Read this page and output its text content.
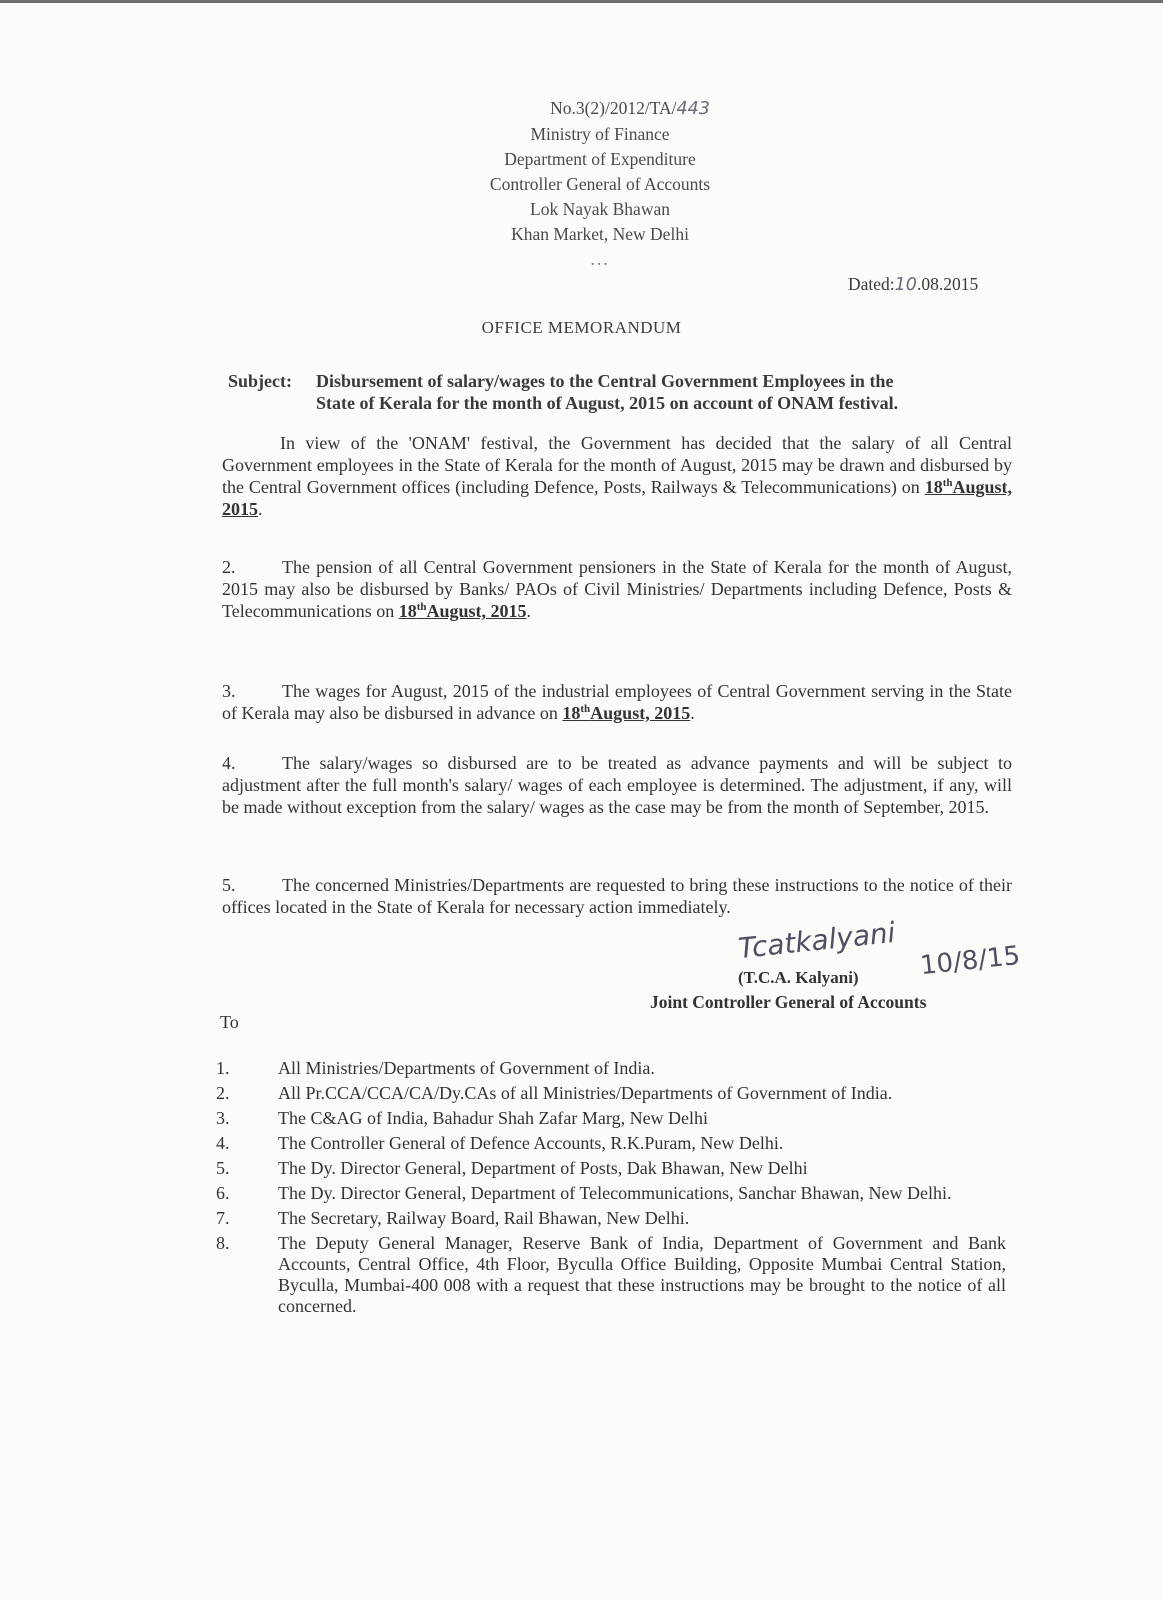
No.3(2)/2012/TA/443
Ministry of Finance
Department of Expenditure
Controller General of Accounts
Lok Nayak Bhawan
Khan Market, New Delhi
...
Dated:10.08.2015
OFFICE MEMORANDUM
Subject: Disbursement of salary/wages to the Central Government Employees in the
State of Kerala for the month of August, 2015 on account of ONAM festival.
In view of the 'ONAM' festival, the Government has decided that the salary of all Central Government employees in the State of Kerala for the month of August, 2015 may be drawn and disbursed by the Central Government offices (including Defence, Posts, Railways & Telecommunications) on 18thAugust, 2015.
2.	The pension of all Central Government pensioners in the State of Kerala for the month of August, 2015 may also be disbursed by Banks/ PAOs of Civil Ministries/ Departments including Defence, Posts & Telecommunications on 18thAugust, 2015.
3.	The wages for August, 2015 of the industrial employees of Central Government serving in the State of Kerala may also be disbursed in advance on 18thAugust, 2015.
4.	The salary/wages so disbursed are to be treated as advance payments and will be subject to adjustment after the full month's salary/ wages of each employee is determined. The adjustment, if any, will be made without exception from the salary/ wages as the case may be from the month of September, 2015.
5.	The concerned Ministries/Departments are requested to bring these instructions to the notice of their offices located in the State of Kerala for necessary action immediately.
Tcatkalyani 10/8/15
(T.C.A. Kalyani)
Joint Controller General of Accounts
To
1.	All Ministries/Departments of Government of India.
2.	All Pr.CCA/CCA/CA/Dy.CAs of all Ministries/Departments of Government of India.
3.	The C&AG of India, Bahadur Shah Zafar Marg, New Delhi
4.	The Controller General of Defence Accounts, R.K.Puram, New Delhi.
5.	The Dy. Director General, Department of Posts, Dak Bhawan, New Delhi
6.	The Dy. Director General, Department of Telecommunications, Sanchar Bhawan, New Delhi.
7.	The Secretary, Railway Board, Rail Bhawan, New Delhi.
8.	The Deputy General Manager, Reserve Bank of India, Department of Government and Bank Accounts, Central Office, 4th Floor, Byculla Office Building, Opposite Mumbai Central Station, Byculla, Mumbai-400 008 with a request that these instructions may be brought to the notice of all concerned.
